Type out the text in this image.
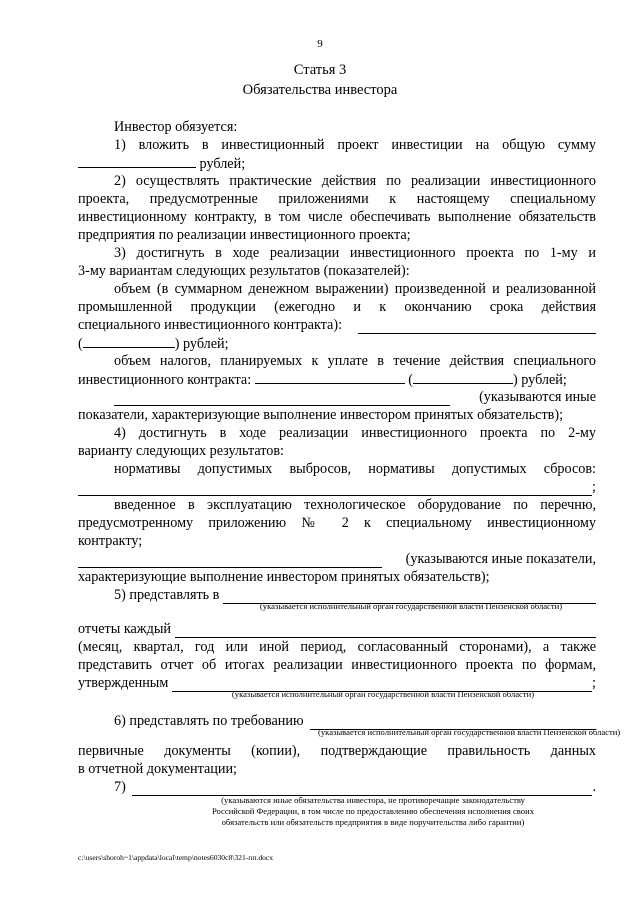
9
Статья 3
Обязательства инвестора
Инвестор обязуется:
1) вложить в инвестиционный проект инвестиции на общую сумму
рублей;
2) осуществлять практические действия по реализации инвестиционного
проекта, предусмотренные приложениями к настоящему специальному
инвестиционному контракту, в том числе обеспечивать выполнение обязательств
предприятия по реализации инвестиционного проекта;
3) достигнуть в ходе реализации инвестиционного проекта по 1-му и
3-му вариантам следующих результатов (показателей):
объем (в суммарном денежном выражении) произведенной и реализованной
промышленной продукции (ежегодно и к окончанию срока действия
специального инвестиционного контракта):
(	) рублей;
объем налогов, планируемых к уплате в течение действия специального
инвестиционного контракта:	(	) рублей;
(указываются иные
показатели, характеризующие выполнение инвестором принятых обязательств);
4) достигнуть в ходе реализации инвестиционного проекта по 2-му
варианту следующих результатов:
нормативы допустимых выбросов, нормативы допустимых сбросов:
;
введенное в эксплуатацию технологическое оборудование по перечню,
предусмотренному приложению № 2 к специальному инвестиционному
контракту;
(указываются иные показатели,
характеризующие выполнение инвестором принятых обязательств);
5) представлять в
(указывается исполнительный орган государственной власти Пензенской области)
отчеты каждый
(месяц, квартал, год или иной период, согласованный сторонами), а также
представить отчет об итогах реализации инвестиционного проекта по формам,
утвержденным	;
(указывается исполнительный орган государственной власти Пензенской области)
6) представлять по требованию
(указывается исполнительный орган государственной власти Пензенской области)
первичные документы (копии), подтверждающие правильность данных
в отчетной документации;
7)	.
(указываются иные обязательства инвестора, не противоречащие законодательству
Российской Федерации, в том числе по предоставлению обеспечения исполнения своих
обязательств или обязательств предприятия в виде поручительства либо гарантии)
c:\users\shoroh~1\appdata\local\temp\notes6030c8\321-пп.docx
